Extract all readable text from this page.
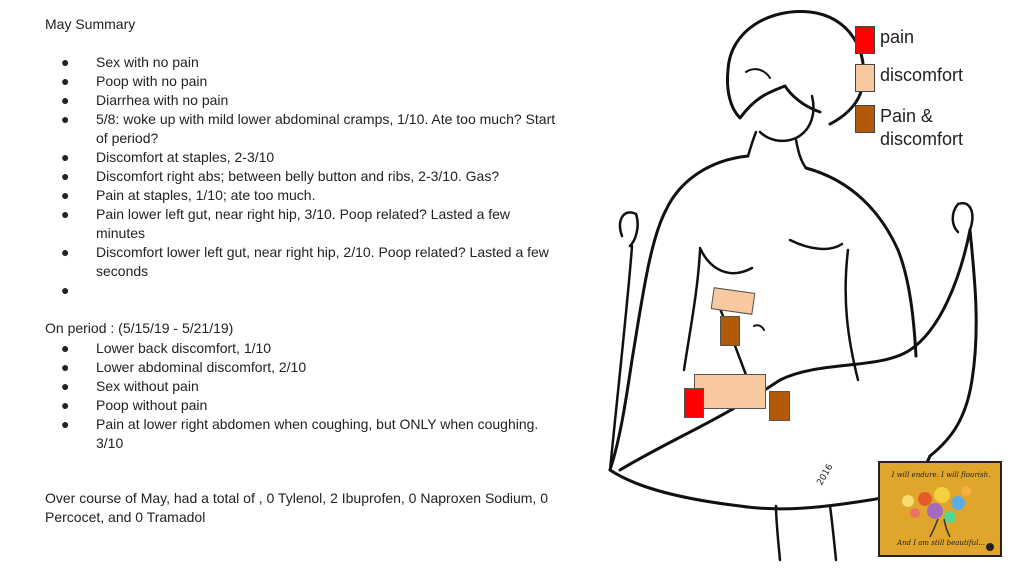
May Summary
● Sex with no pain
● Poop with no pain
● Diarrhea with no pain
● 5/8: woke up with mild lower abdominal cramps, 1/10. Ate too much? Start of period?
● Discomfort at staples, 2-3/10
● Discomfort right abs; between belly button and ribs, 2-3/10. Gas?
● Pain at staples, 1/10; ate too much.
● Pain lower left gut, near right hip, 3/10. Poop related? Lasted a few minutes
● Discomfort lower left gut, near right hip, 2/10. Poop related? Lasted a few seconds
●
On period : (5/15/19 - 5/21/19)
● Lower back discomfort, 1/10
● Lower abdominal discomfort, 2/10
● Sex without pain
● Poop without pain
● Pain at lower right abdomen when coughing, but ONLY when coughing. 3/10
Over course of May, had a total of , 0 Tylenol, 2 Ibuprofen, 0 Naproxen Sodium, 0 Percocet, and 0 Tramadol
pain
discomfort
Pain & discomfort
2016	I will endure. I will flourish.
And I am still beautiful...
